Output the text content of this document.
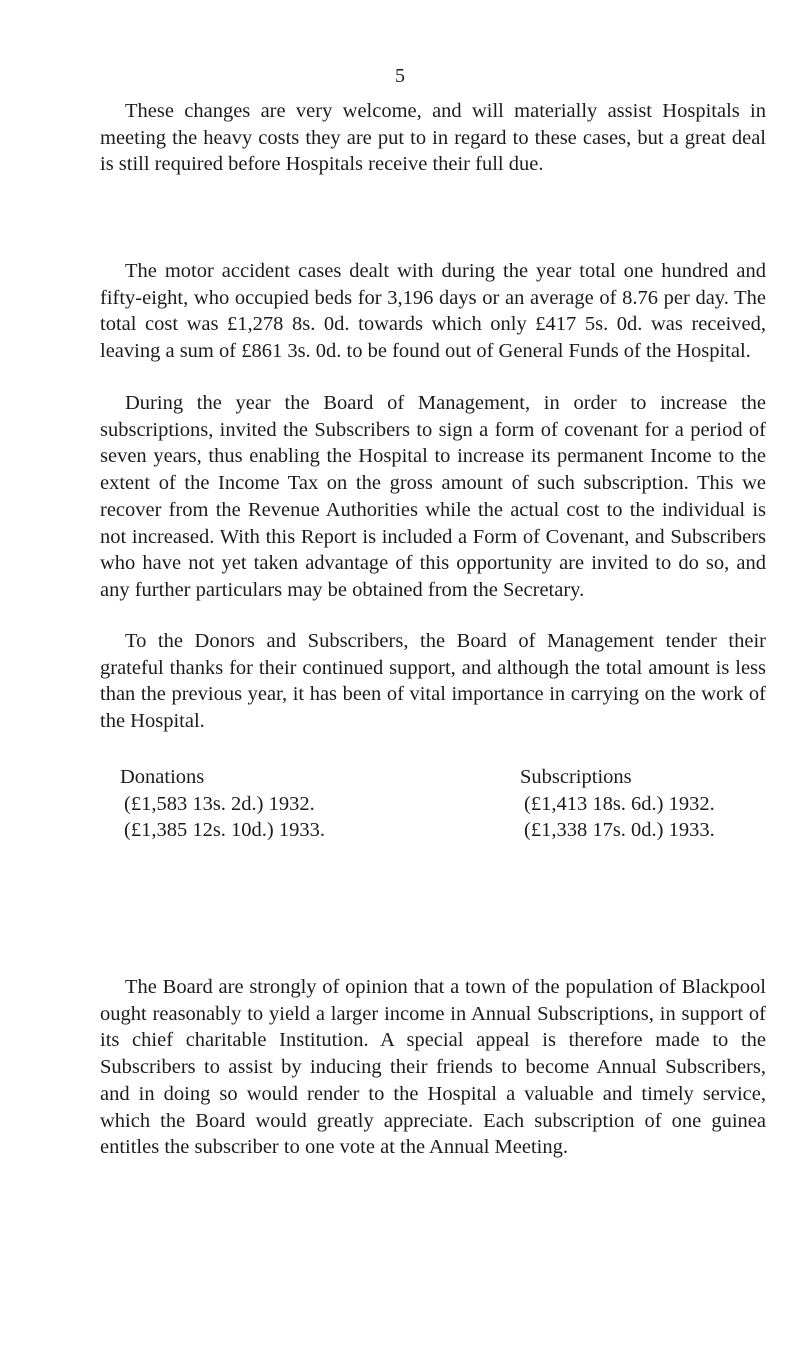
5

These changes are very welcome, and will materially assist Hospitals in meeting the heavy costs they are put to in regard to these cases, but a great deal is still required before Hospitals receive their full due.

The motor accident cases dealt with during the year total one hundred and fifty-eight, who occupied beds for 3,196 days or an average of 8.76 per day. The total cost was £1,278 8s. 0d. towards which only £417 5s. 0d. was received, leaving a sum of £861 3s. 0d. to be found out of General Funds of the Hospital.

During the year the Board of Management, in order to increase the subscriptions, invited the Subscribers to sign a form of covenant for a period of seven years, thus enabling the Hospital to increase its permanent Income to the extent of the Income Tax on the gross amount of such subscription. This we recover from the Revenue Authorities while the actual cost to the individual is not increased. With this Report is included a Form of Covenant, and Subscribers who have not yet taken advantage of this opportunity are invited to do so, and any further particulars may be obtained from the Secretary.

To the Donors and Subscribers, the Board of Management tender their grateful thanks for their continued support, and although the total amount is less than the previous year, it has been of vital importance in carrying on the work of the Hospital.

Donations
(£1,583 13s. 2d.) 1932.
(£1,385 12s. 10d.) 1933.
Subscriptions
(£1,413 18s. 6d.) 1932.
(£1,338 17s. 0d.) 1933.

The Board are strongly of opinion that a town of the population of Blackpool ought reasonably to yield a larger income in Annual Subscriptions, in support of its chief charitable Institution. A special appeal is therefore made to the Subscribers to assist by inducing their friends to become Annual Subscribers, and in doing so would render to the Hospital a valuable and timely service, which the Board would greatly appreciate. Each subscription of one guinea entitles the subscriber to one vote at the Annual Meeting.
